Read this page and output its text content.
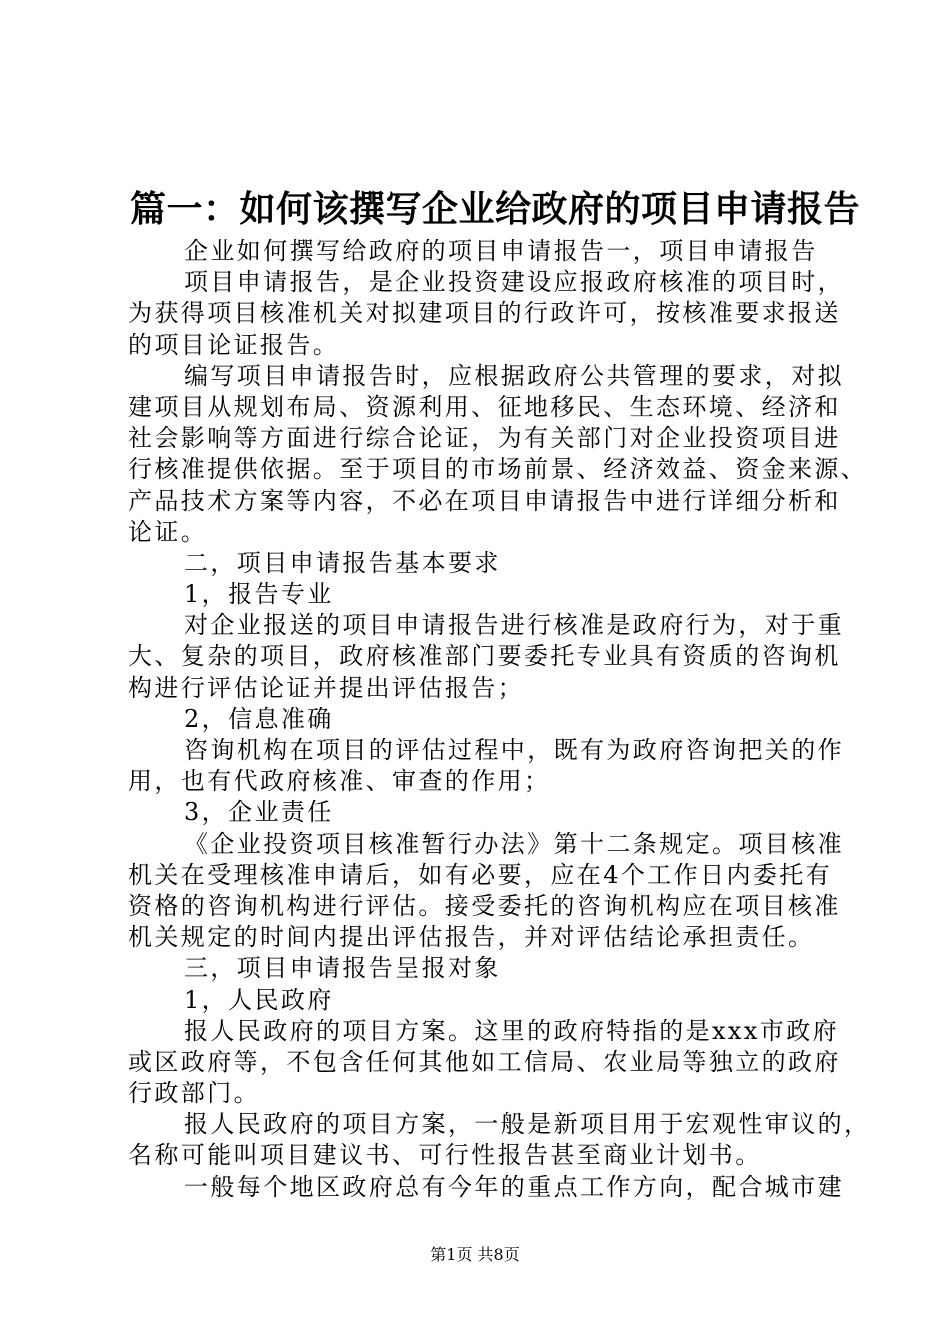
篇一：如何该撰写企业给政府的项目申请报告
企业如何撰写给政府的项目申请报告一，项目申请报告
项目申请报告，是企业投资建设应报政府核准的项目时，
为获得项目核准机关对拟建项目的行政许可，按核准要求报送
的项目论证报告。
编写项目申请报告时，应根据政府公共管理的要求，对拟
建项目从规划布局、资源利用、征地移民、生态环境、经济和
社会影响等方面进行综合论证，为有关部门对企业投资项目进
行核准提供依据。至于项目的市场前景、经济效益、资金来源、
产品技术方案等内容，不必在项目申请报告中进行详细分析和
论证。
二，项目申请报告基本要求
1，报告专业
对企业报送的项目申请报告进行核准是政府行为，对于重
大、复杂的项目，政府核准部门要委托专业具有资质的咨询机
构进行评估论证并提出评估报告；
2，信息准确
咨询机构在项目的评估过程中，既有为政府咨询把关的作
用，也有代政府核准、审查的作用；
3，企业责任
《企业投资项目核准暂行办法》第十二条规定。项目核准
机关在受理核准申请后，如有必要，应在4个工作日内委托有
资格的咨询机构进行评估。接受委托的咨询机构应在项目核准
机关规定的时间内提出评估报告，并对评估结论承担责任。
三，项目申请报告呈报对象
1，人民政府
报人民政府的项目方案。这里的政府特指的是xxx市政府
或区政府等，不包含任何其他如工信局、农业局等独立的政府
行政部门。
报人民政府的项目方案，一般是新项目用于宏观性审议的，
名称可能叫项目建议书、可行性报告甚至商业计划书。
一般每个地区政府总有今年的重点工作方向，配合城市建
第1页 共8页
